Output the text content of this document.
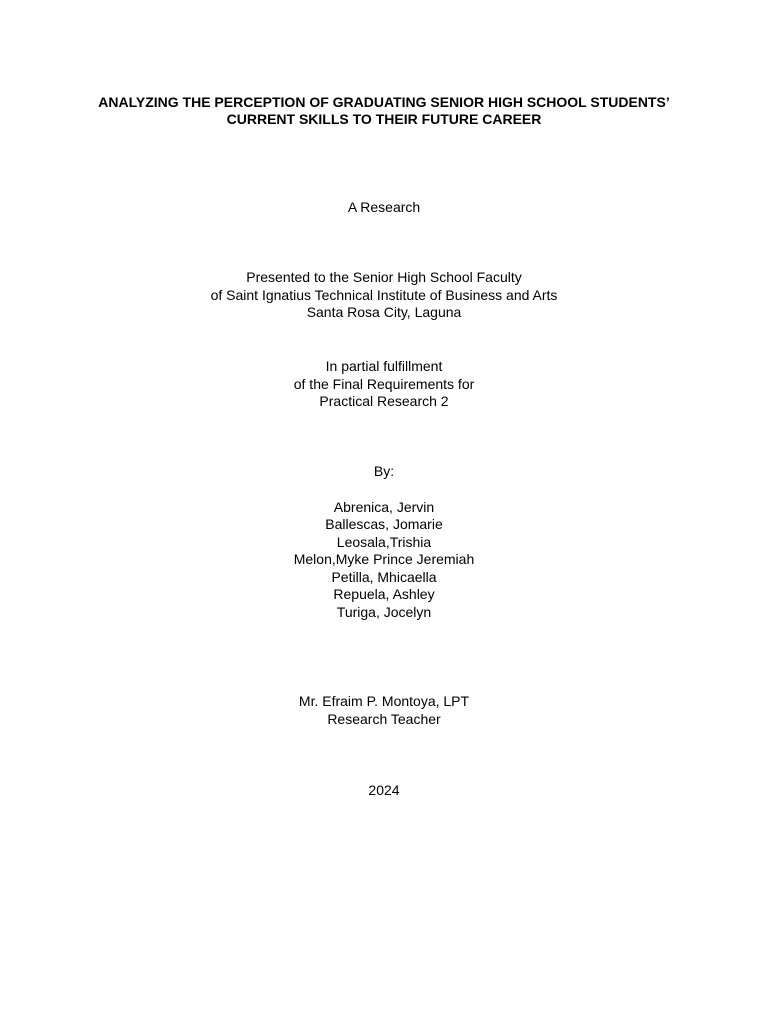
ANALYZING THE PERCEPTION OF GRADUATING SENIOR HIGH SCHOOL STUDENTS’
CURRENT SKILLS TO THEIR FUTURE CAREER
A Research
Presented to the Senior High School Faculty
of Saint Ignatius Technical Institute of Business and Arts
Santa Rosa City, Laguna
In partial fulfillment
of the Final Requirements for
Practical Research 2
By:
Abrenica, Jervin
Ballescas, Jomarie
Leosala,Trishia
Melon,Myke Prince Jeremiah
Petilla, Mhicaella
Repuela, Ashley
Turiga, Jocelyn
Mr. Efraim P. Montoya, LPT
Research Teacher
2024
